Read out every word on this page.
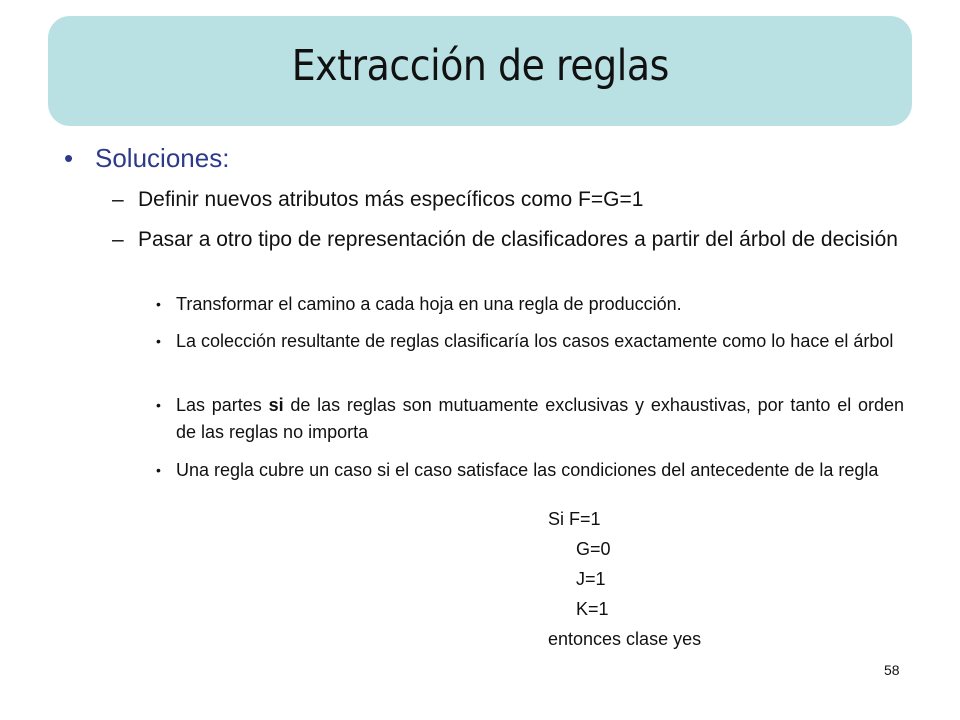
Extracción de reglas
• Soluciones:
– Definir nuevos atributos más específicos como F=G=1
– Pasar a otro tipo de representación de clasificadores a partir del árbol de decisión
• Transformar el camino a cada hoja en una regla de producción.
• La colección resultante de reglas clasificaría los casos exactamente como lo hace el árbol
• Las partes si de las reglas son mutuamente exclusivas y exhaustivas, por tanto el orden de las reglas no importa
• Una regla cubre un caso si el caso satisface las condiciones del antecedente de la regla
Si F=1
G=0
J=1
K=1
entonces clase yes
58
